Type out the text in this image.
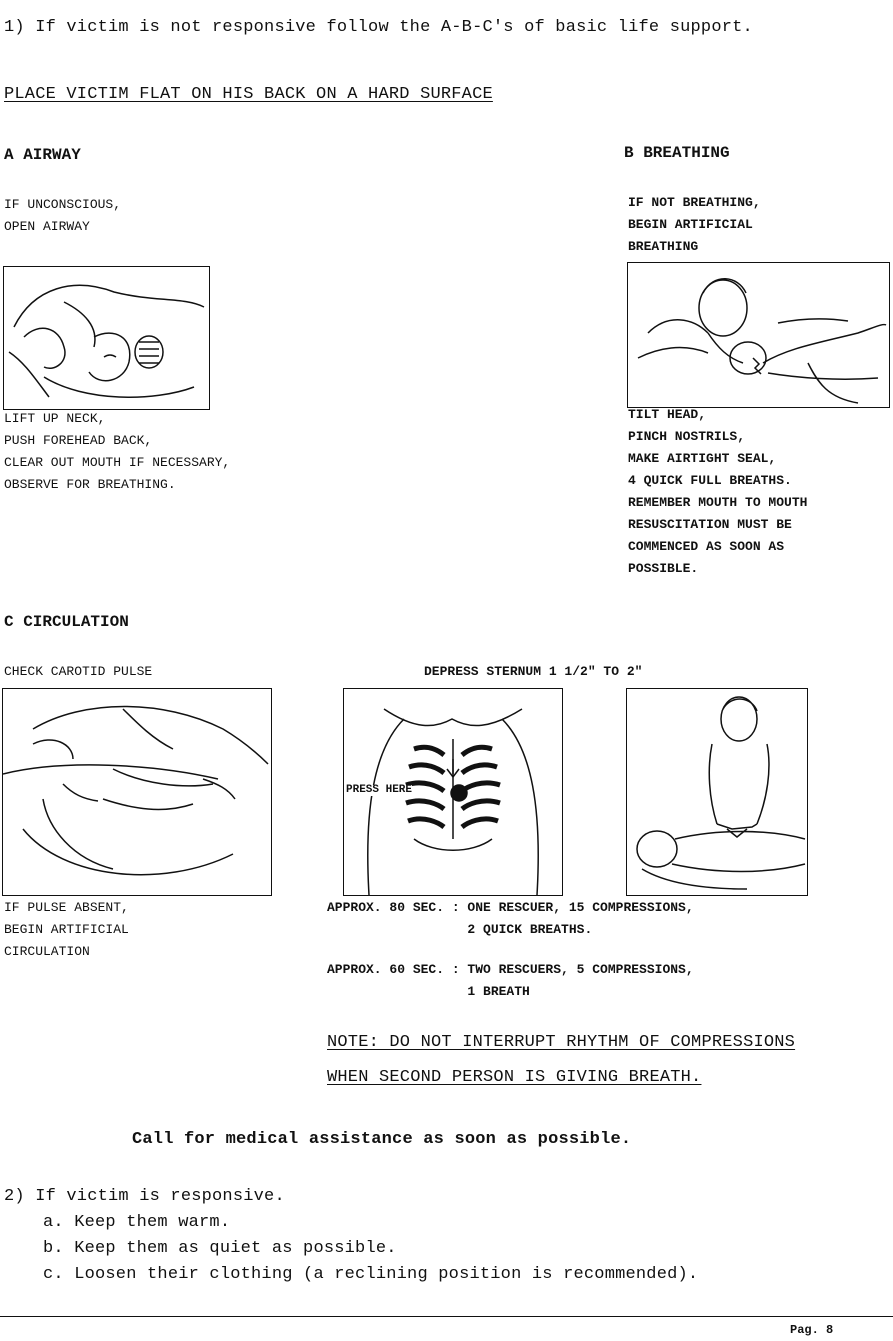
1) If victim is not responsive follow the A-B-C's of basic life support.
PLACE VICTIM FLAT ON HIS BACK ON A HARD SURFACE
A AIRWAY
IF UNCONSCIOUS,
OPEN AIRWAY
LIFT UP NECK,
PUSH FOREHEAD BACK,
CLEAR OUT MOUTH IF NECESSARY,
OBSERVE FOR BREATHING.
B BREATHING
IF NOT BREATHING,
BEGIN ARTIFICIAL
BREATHING
TILT HEAD,
PINCH NOSTRILS,
MAKE AIRTIGHT SEAL,
4 QUICK FULL BREATHS.
REMEMBER MOUTH TO MOUTH
RESUSCITATION MUST BE
COMMENCED AS SOON AS
POSSIBLE.
C CIRCULATION
CHECK CAROTID PULSE	DEPRESS STERNUM 1 1/2" TO 2"
PRESS HERE
IF PULSE ABSENT,
BEGIN ARTIFICIAL
CIRCULATION
APPROX. 80 SEC. : ONE RESCUER, 15 COMPRESSIONS,
2 QUICK BREATHS.
APPROX. 60 SEC. : TWO RESCUERS, 5 COMPRESSIONS,
1 BREATH
NOTE: DO NOT INTERRUPT RHYTHM OF COMPRESSIONS
WHEN SECOND PERSON IS GIVING BREATH.
Call for medical assistance as soon as possible.
2) If victim is responsive.
a. Keep them warm.
b. Keep them as quiet as possible.
c. Loosen their clothing (a reclining position is recommended).
Pag. 8
